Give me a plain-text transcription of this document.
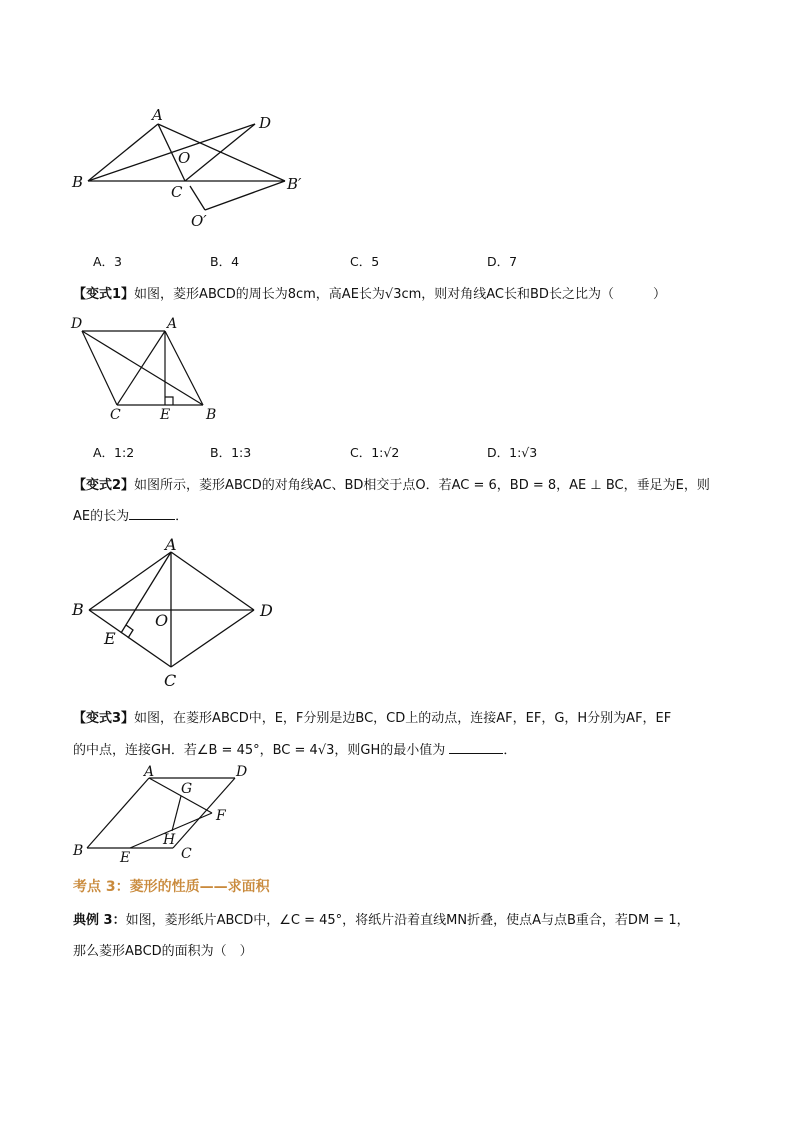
A	D
O
B
C	B′
O′
A．3	B．4	C．5	D．7
【变式1】如图，菱形ABCD的周长为8cm，高AE长为√3cm，则对角线AC长和BD长之比为（　　　）
D	A
C	E	B
A．1:2	B．1:3	C．1:√2	D．1:√3
【变式2】如图所示，菱形ABCD的对角线AC、BD相交于点O．若AC = 6，BD = 8，AE ⊥ BC，垂足为E，则
AE的长为	．
A
B	D
O
E
C
【变式3】如图，在菱形ABCD中，E，F分别是边BC，CD上的动点，连接AF，EF，G，H分别为AF，EF
的中点，连接GH．若∠B = 45°，BC = 4√3，则GH的最小值为	．
A	D
G
F
H
B	E	C
考点 3：菱形的性质——求面积
典例 3：如图，菱形纸片ABCD中，∠C = 45°，将纸片沿着直线MN折叠，使点A与点B重合，若DM = 1，
那么菱形ABCD的面积为（　）
